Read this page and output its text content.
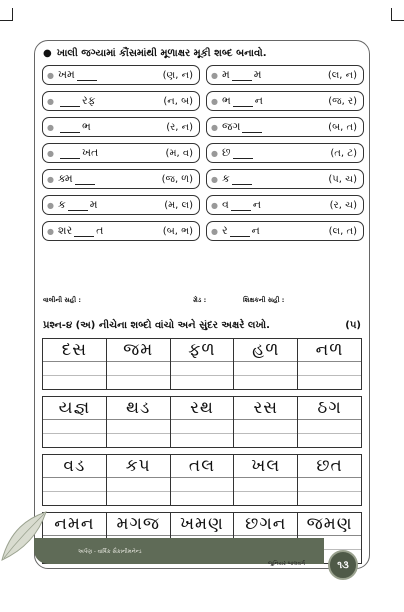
● ખાલી જગ્યામાં કૌંસમાંથી મૂળાક્ષર મૂકી શબ્દ બનાવો.
● ખમ	(ણ, ન) ● મ મ	(લ, ન)
●	રફ	(ન, બ) ● ભ ન	(જ, ર)
●	ભ	(ર, ન) ● જગ	(બ, ત)
●	ખત	(મ, વ) ● છ	(ત, ટ)
● ક્મ	(જ, ળ) ● ક	(પ, ચ)
● ક મ	(મ, લ) ● વ ન	(ર, ચ)
● શર ત	(બ, ભ) ● ર ન	(લ, ત)
વાલીની સહી :	ગ્રેડ :	શિક્ષકની સહી :
પ્રશ્ન-૪ (અ) નીચેના શબ્દો વાંચો અને સુંદર અક્ષરે લખો.	(૫)
દસ	જમ	ફળ	હળ	નળ
યજ્ઞ	થડ	રથ	રસ	ઠગ
વડ	કપ	તલ	ખલ	છત
નમન	મગજ	ખમણ	છગન	જમણ
અર્પણ - વાર્ષિક સૈકાનીમનેન્ડ
જુનિયર બાલવર્ગ	૧૩
